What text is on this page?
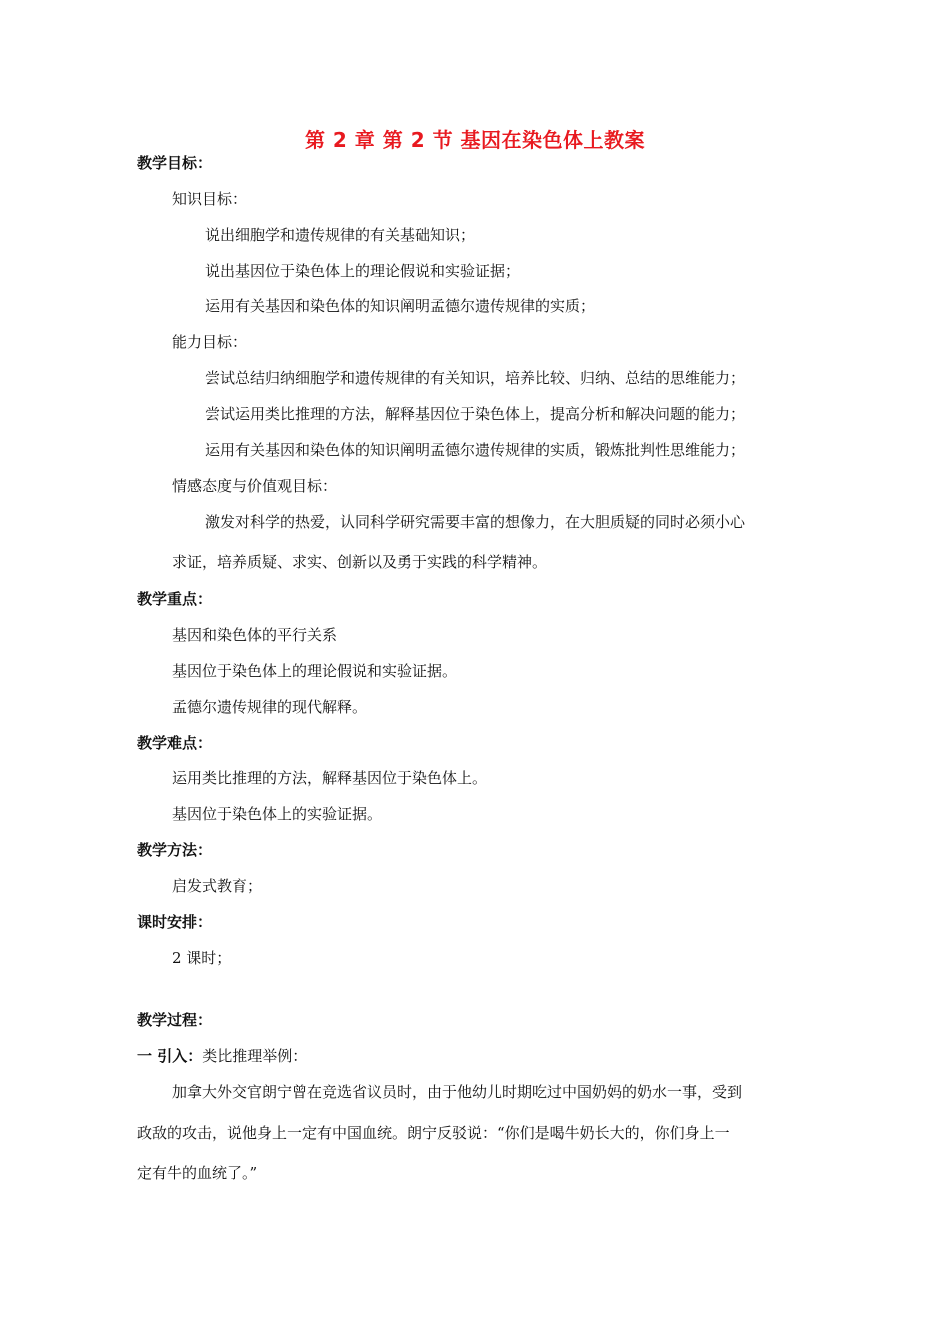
第 2 章 第 2 节 基因在染色体上教案
教学目标：
知识目标：
说出细胞学和遗传规律的有关基础知识；
说出基因位于染色体上的理论假说和实验证据；
运用有关基因和染色体的知识阐明孟德尔遗传规律的实质；
能力目标：
尝试总结归纳细胞学和遗传规律的有关知识，培养比较、归纳、总结的思维能力；
尝试运用类比推理的方法，解释基因位于染色体上，提高分析和解决问题的能力；
运用有关基因和染色体的知识阐明孟德尔遗传规律的实质，锻炼批判性思维能力；
情感态度与价值观目标：
激发对科学的热爱，认同科学研究需要丰富的想像力，在大胆质疑的同时必须小心
求证，培养质疑、求实、创新以及勇于实践的科学精神。
教学重点：
基因和染色体的平行关系
基因位于染色体上的理论假说和实验证据。
孟德尔遗传规律的现代解释。
教学难点：
运用类比推理的方法，解释基因位于染色体上。
基因位于染色体上的实验证据。
教学方法：
启发式教育；
课时安排：
2 课时；
教学过程：
一 引入：类比推理举例：
加拿大外交官朗宁曾在竞选省议员时，由于他幼儿时期吃过中国奶妈的奶水一事，受到
政敌的攻击，说他身上一定有中国血统。朗宁反驳说：“你们是喝牛奶长大的，你们身上一
定有牛的血统了。”
